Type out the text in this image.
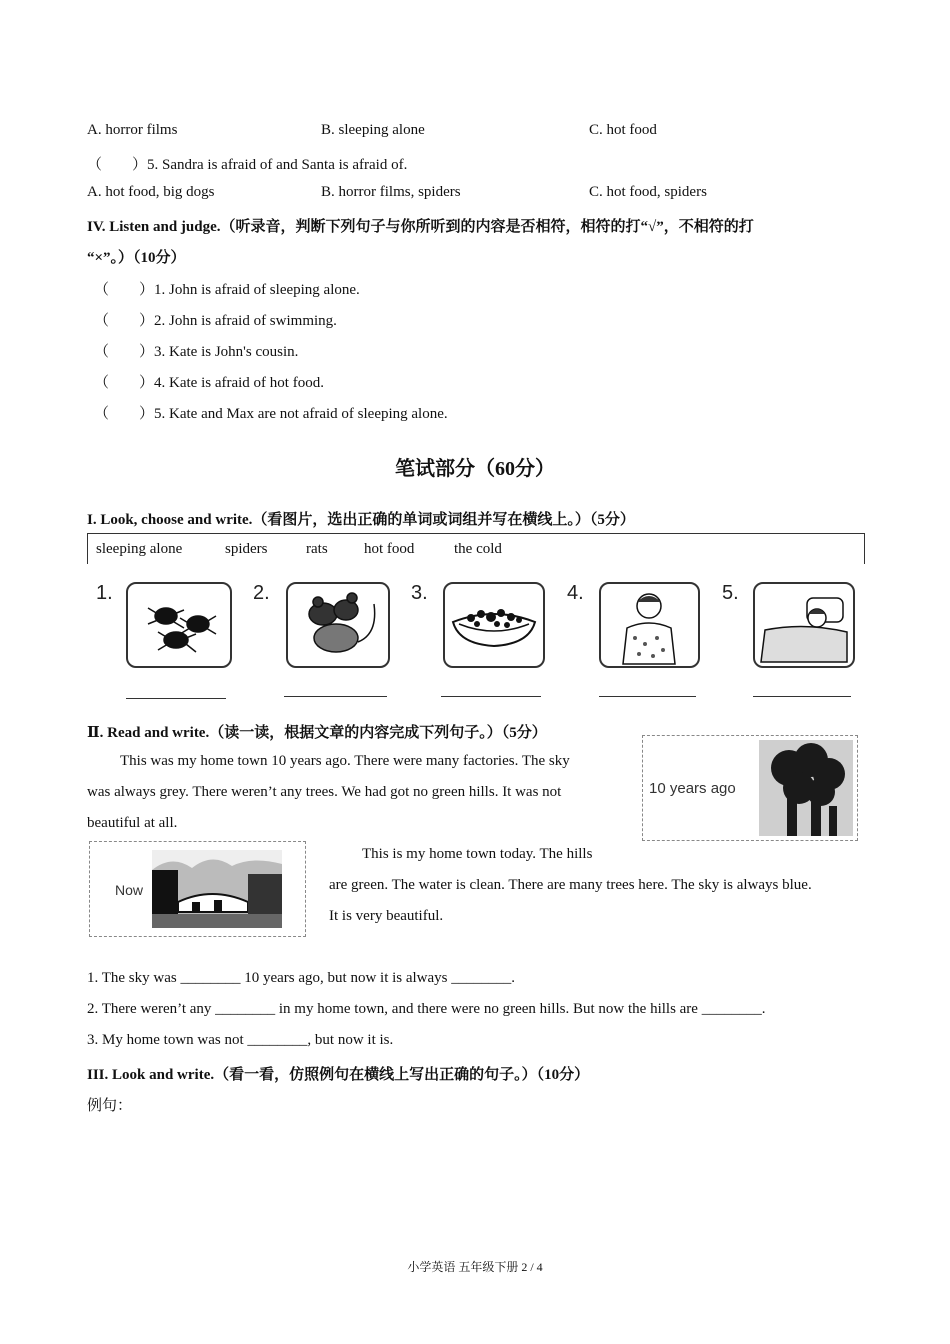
A. horror films	B. sleeping alone	C. hot food
（　　）5. Sandra is afraid of and Santa is afraid of.
A. hot food, big dogs	B. horror films, spiders	C. hot food, spiders
IV. Listen and judge.（听录音，判断下列句子与你所听到的内容是否相符，相符的打“√”，不相符的打
“×”。）（10分）
（　　）1. John is afraid of sleeping alone.
（　　）2. John is afraid of swimming.
（　　）3. Kate is John's cousin.
（　　）4. Kate is afraid of hot food.
（　　）5. Kate and Max are not afraid of sleeping alone.
笔试部分（60分）
I. Look, choose and write.（看图片，选出正确的单词或词组并写在横线上。）（5分）
sleeping alone	spiders	rats hot food	the cold
1.	2.	3.	4.	5.
Ⅱ. Read and write.（读一读，根据文章的内容完成下列句子。）（5分）
This was my home town 10 years ago. There were many factories. The sky
was always grey. There weren’t any trees. We had got no green hills. It was not
beautiful at all.
10 years ago
Now
This is my home town today. The hills
are green. The water is clean. There are many trees here. The sky is always blue.
It is very beautiful.
1. The sky was ________ 10 years ago, but now it is always ________.
2. There weren’t any ________ in my home town, and there were no green hills. But now the hills are ________.
3. My home town was not ________, but now it is.
III. Look and write.（看一看，仿照例句在横线上写出正确的句子。）（10分）
例句：
小学英语 五年级下册 2 / 4
